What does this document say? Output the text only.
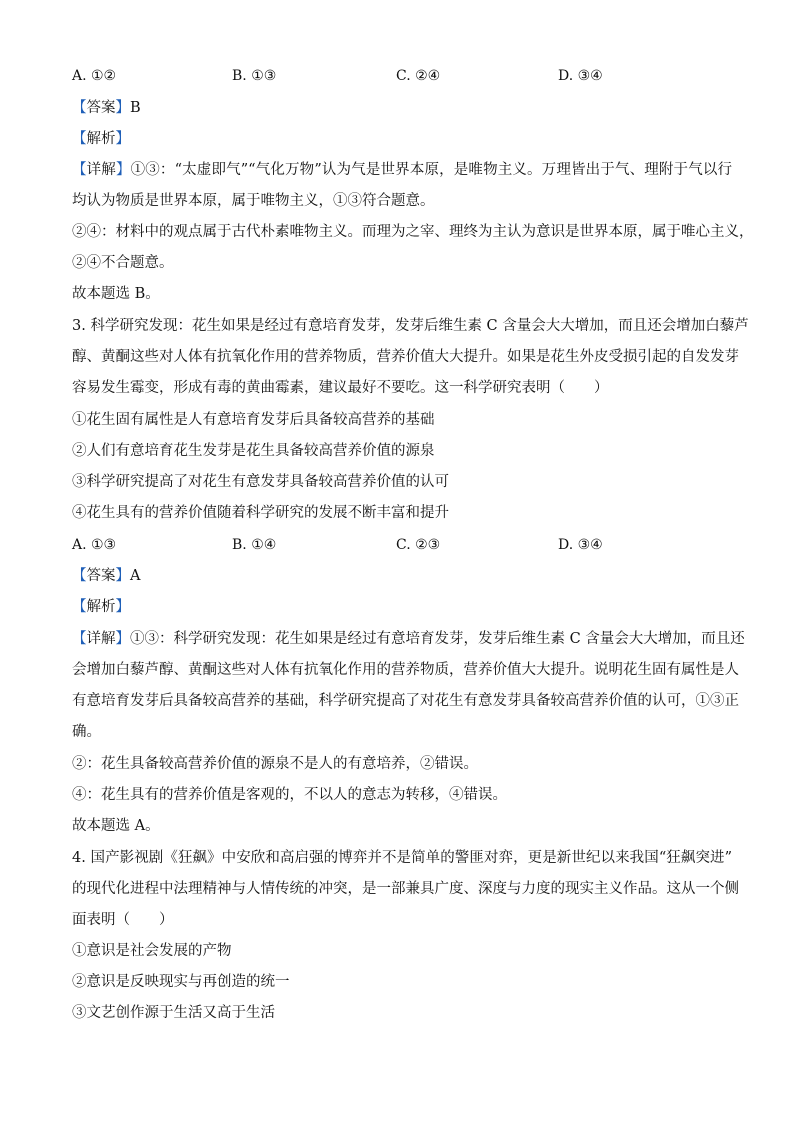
A. ①②	B. ①③	C. ②④	D. ③④
【答案】B
【解析】
【详解】①③：“太虚即气”“气化万物”认为气是世界本原，是唯物主义。万理皆出于气、理附于气以行
均认为物质是世界本原，属于唯物主义，①③符合题意。
②④：材料中的观点属于古代朴素唯物主义。而理为之宰、理终为主认为意识是世界本原，属于唯心主义，
②④不合题意。
故本题选 B。
3. 科学研究发现：花生如果是经过有意培育发芽，发芽后维生素 C 含量会大大增加，而且还会增加白藜芦
醇、黄酮这些对人体有抗氧化作用的营养物质，营养价值大大提升。如果是花生外皮受损引起的自发发芽
容易发生霉变，形成有毒的黄曲霉素，建议最好不要吃。这一科学研究表明（　　）
①花生固有属性是人有意培育发芽后具备较高营养的基础
②人们有意培育花生发芽是花生具备较高营养价值的源泉
③科学研究提高了对花生有意发芽具备较高营养价值的认可
④花生具有的营养价值随着科学研究的发展不断丰富和提升
A. ①③	B. ①④	C. ②③	D. ③④
【答案】A
【解析】
【详解】①③：科学研究发现：花生如果是经过有意培育发芽，发芽后维生素 C 含量会大大增加，而且还
会增加白藜芦醇、黄酮这些对人体有抗氧化作用的营养物质，营养价值大大提升。说明花生固有属性是人
有意培育发芽后具备较高营养的基础，科学研究提高了对花生有意发芽具备较高营养价值的认可，①③正
确。
②：花生具备较高营养价值的源泉不是人的有意培养，②错误。
④：花生具有的营养价值是客观的，不以人的意志为转移，④错误。
故本题选 A。
4. 国产影视剧《狂飙》中安欣和高启强的博弈并不是简单的警匪对弈，更是新世纪以来我国“狂飙突进”
的现代化进程中法理精神与人情传统的冲突，是一部兼具广度、深度与力度的现实主义作品。这从一个侧
面表明（　　）
①意识是社会发展的产物
②意识是反映现实与再创造的统一
③文艺创作源于生活又高于生活
